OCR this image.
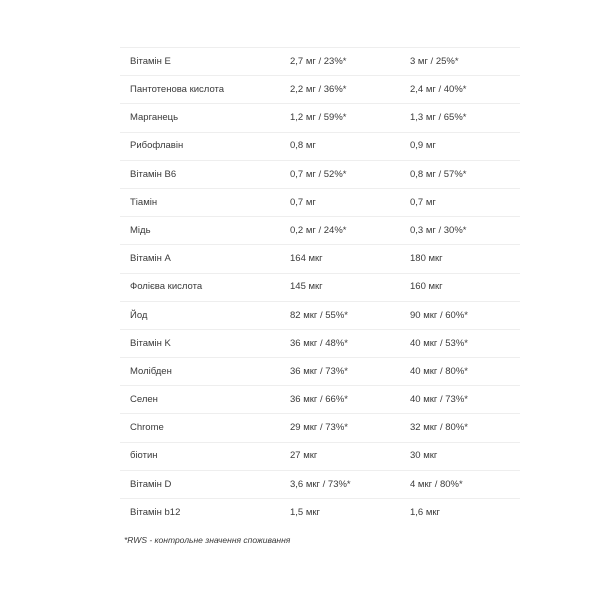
Вітамін E	2,7 мг / 23%*	3 мг / 25%*
Пантотенова кислота	2,2 мг / 36%*	2,4 мг / 40%*
Марганець	1,2 мг / 59%*	1,3 мг / 65%*
Рибофлавін	0,8 мг	0,9 мг
Вітамін B6	0,7 мг / 52%*	0,8 мг / 57%*
Тіамін	0,7 мг	0,7 мг
Мідь	0,2 мг / 24%*	0,3 мг / 30%*
Вітамін A	164 мкг	180 мкг
Фолієва кислота	145 мкг	160 мкг
Йод	82 мкг / 55%*	90 мкг / 60%*
Вітамін K	36 мкг / 48%*	40 мкг / 53%*
Молібден	36 мкг / 73%*	40 мкг / 80%*
Селен	36 мкг / 66%*	40 мкг / 73%*
Chrome	29 мкг / 73%*	32 мкг / 80%*
біотин	27 мкг	30 мкг
Вітамін D	3,6 мкг / 73%*	4 мкг / 80%*
Вітамін b12	1,5 мкг	1,6 мкг
*RWS - контрольне значення споживання
